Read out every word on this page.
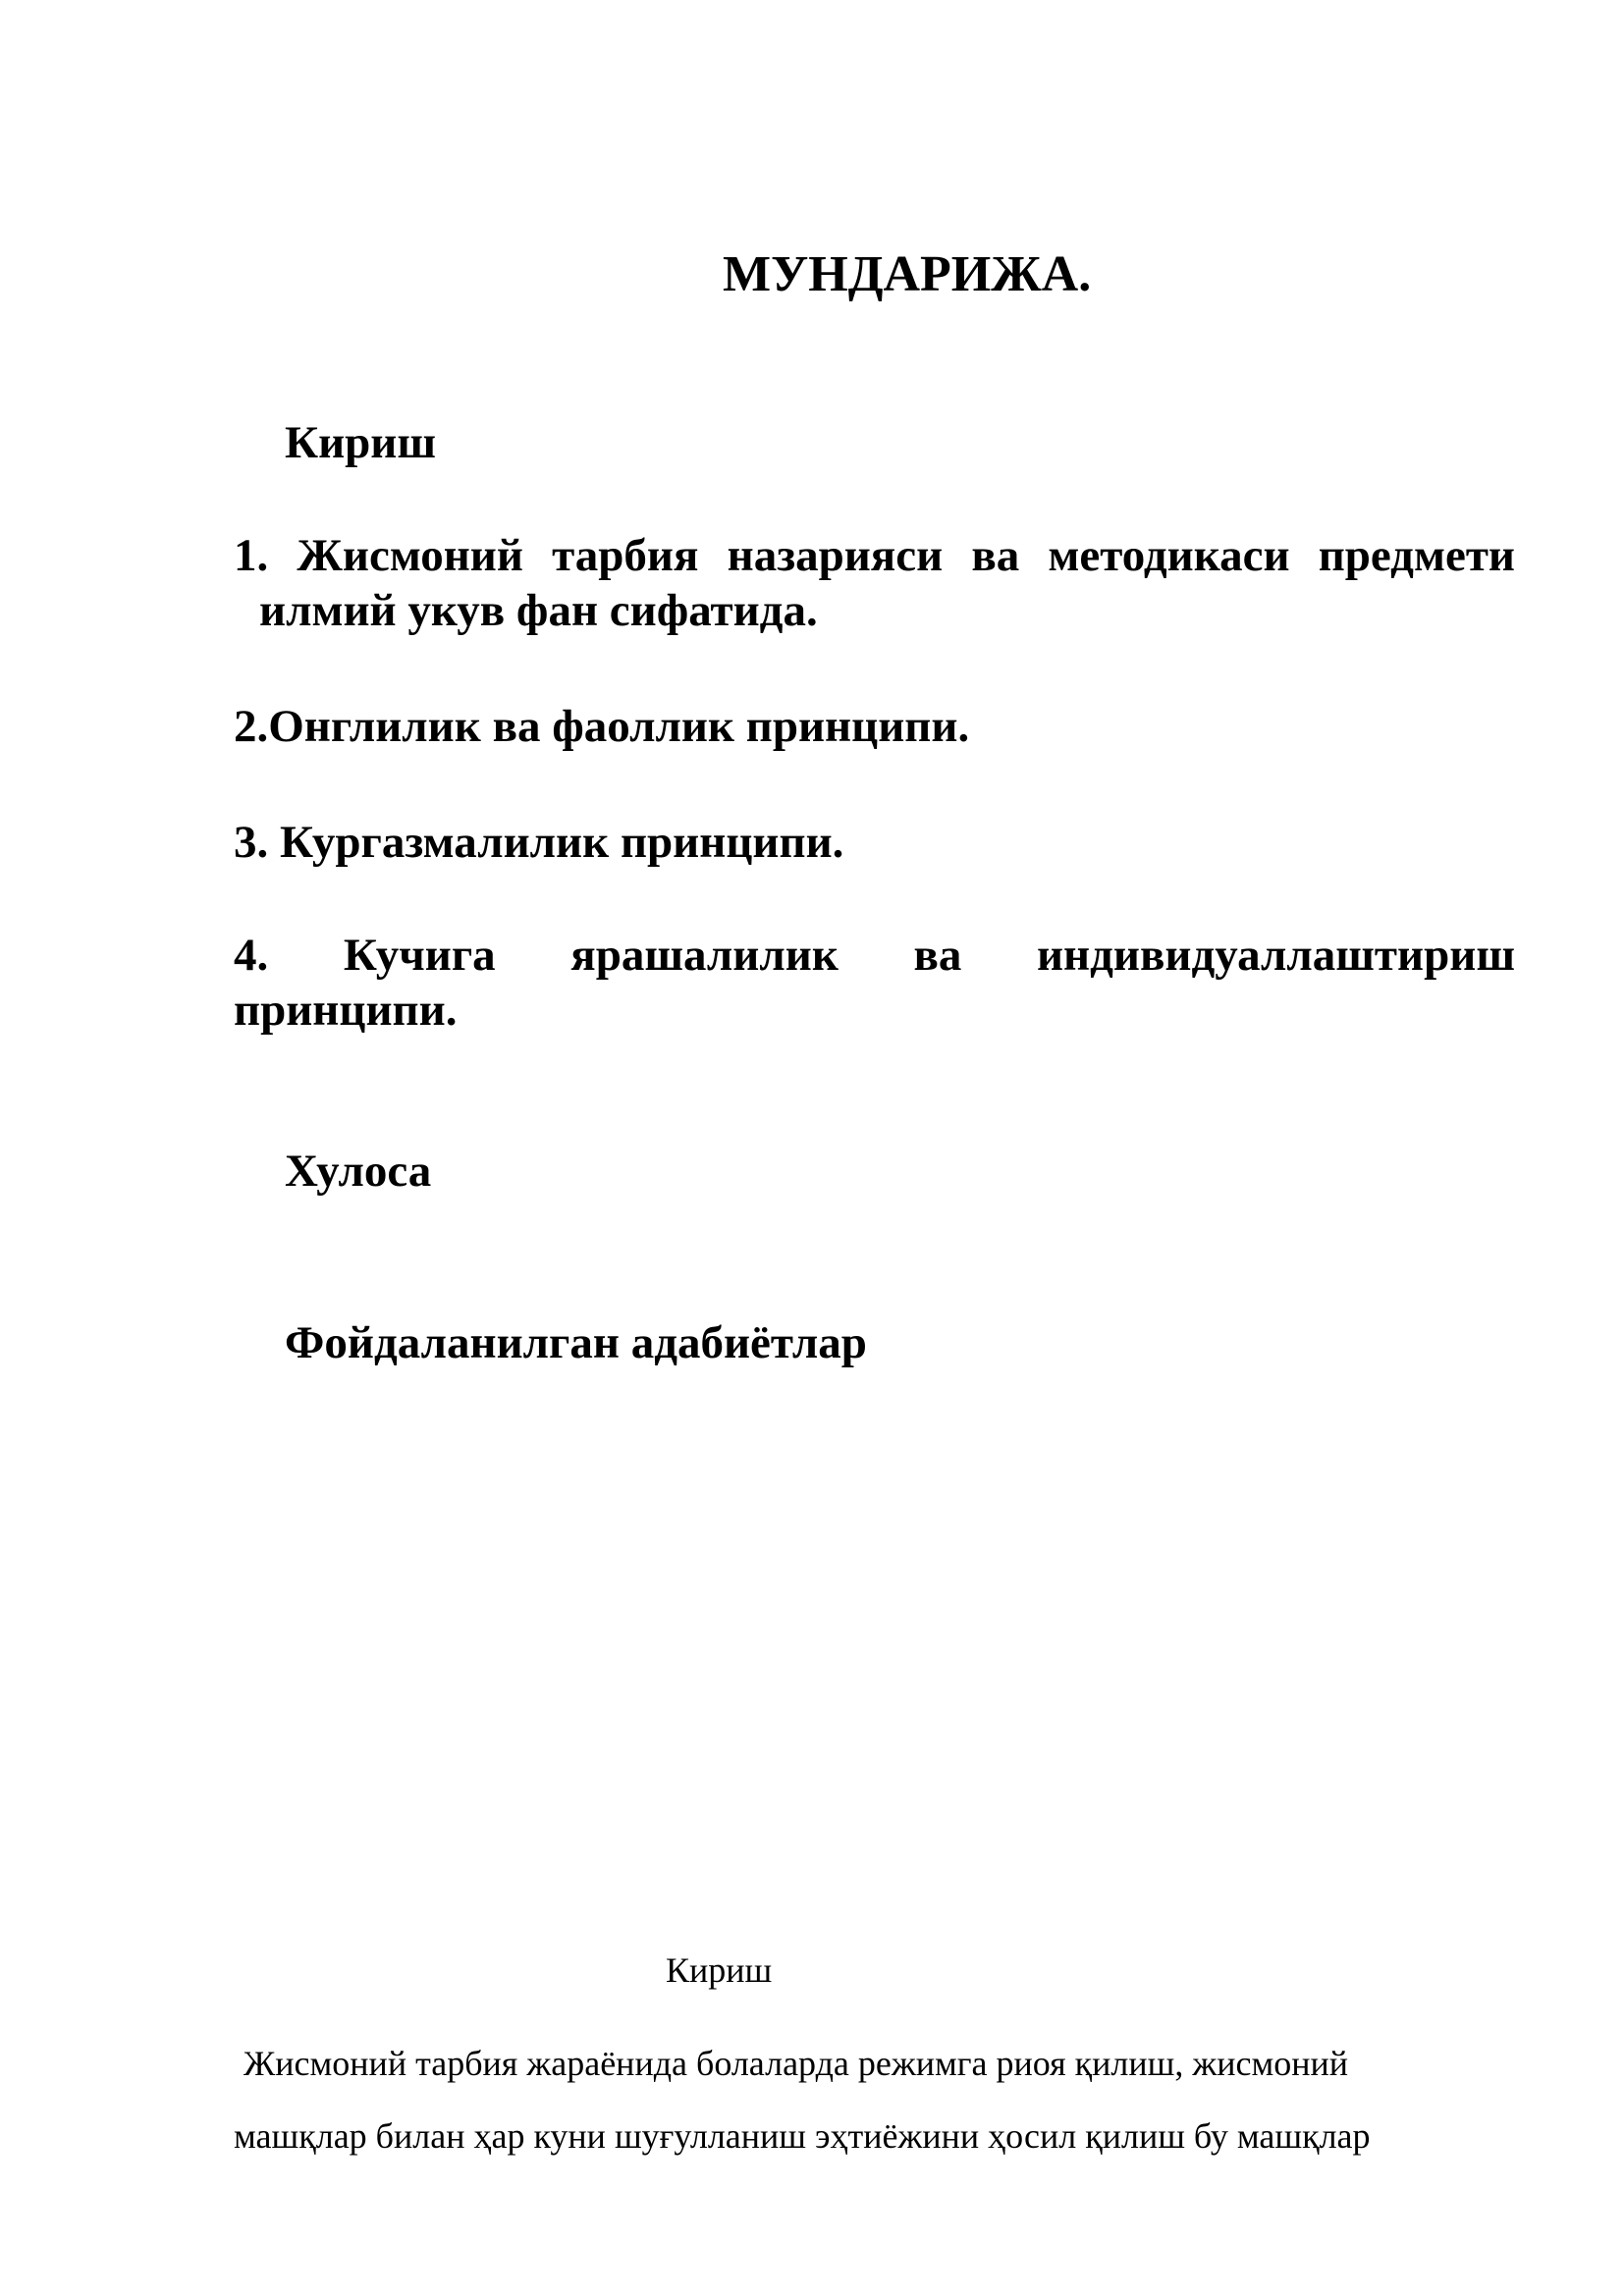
МУНДАРИЖА.
Кириш
1. Жисмоний тарбия назарияси ва методикаси предмети
илмий укув фан сифатида.
2.Онглилик ва фаоллик принципи.
3. Кургазмалилик принципи.
4. Кучига ярашалилик ва индивидуаллаштириш
принципи.
Хулоса
Фойдаланилган адабиётлар
Кириш
Жисмоний тарбия жараёнида болаларда режимга риоя қилиш, жисмоний
машқлар билан ҳар куни шуғулланиш эҳтиёжини ҳосил қилиш бу машқлар
